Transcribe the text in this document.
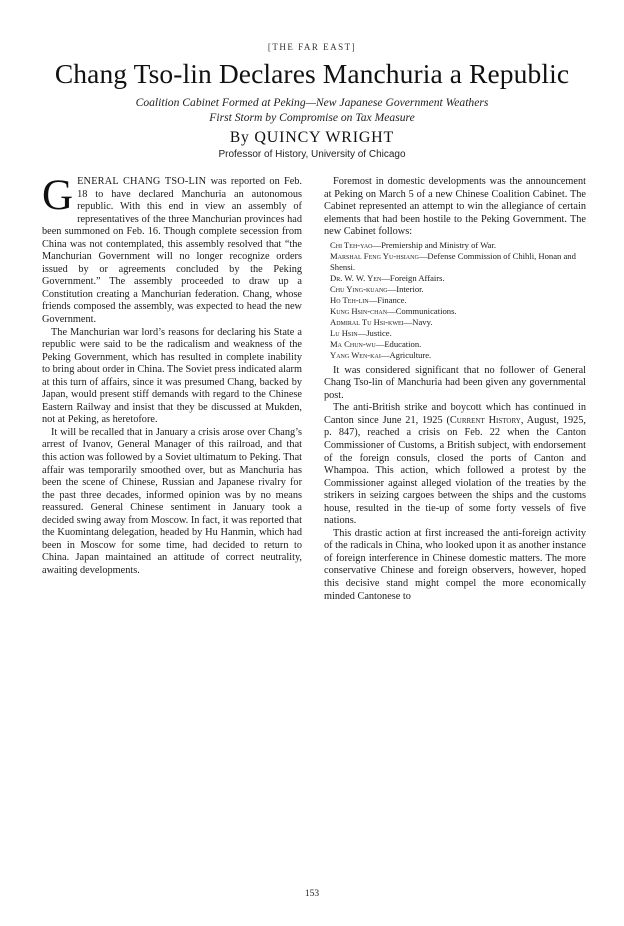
[THE FAR EAST]
Chang Tso-lin Declares Manchuria a Republic
Coalition Cabinet Formed at Peking—New Japanese Government Weathers
First Storm by Compromise on Tax Measure
By QUINCY WRIGHT
Professor of History, University of Chicago

GENERAL CHANG TSO-LIN was reported on Feb. 18 to have declared Manchuria an autonomous republic. With this end in view an assembly of representatives of the three Manchurian provinces had been summoned on Feb. 16. Though complete secession from China was not contemplated, this assembly resolved that “the Manchurian Government will no longer recognize orders issued by or agreements concluded by the Peking Government.” The assembly proceeded to draw up a Constitution creating a Manchurian federation. Chang, whose friends composed the assembly, was expected to head the new Government.

The Manchurian war lord’s reasons for declaring his State a republic were said to be the radicalism and weakness of the Peking Government, which has resulted in complete inability to bring about order in China. The Soviet press indicated alarm at this turn of affairs, since it was presumed Chang, backed by Japan, would present stiff demands with regard to the Chinese Eastern Railway and insist that they be discussed at Mukden, not at Peking, as heretofore.

It will be recalled that in January a crisis arose over Chang’s arrest of Ivanov, General Manager of this railroad, and that this action was followed by a Soviet ultimatum to Peking. That affair was temporarily smoothed over, but as Manchuria has been the scene of Chinese, Russian and Japanese rivalry for the past three decades, informed opinion was by no means reassured. General Chinese sentiment in January took a decided swing away from Moscow. In fact, it was reported that the Kuomintang delegation, headed by Hu Hanmin, which had been in Moscow for some time, had decided to return to China. Japan maintained an attitude of correct neutrality, awaiting developments.

Foremost in domestic developments was the announcement at Peking on March 5 of a new Chinese Coalition Cabinet. The Cabinet represented an attempt to win the allegiance of certain elements that had been hostile to the Peking Government. The new Cabinet follows:

Chi Teh-yao—Premiership and Ministry of War.
Marshal Feng Yu-hsiang—Defense Commission of Chihli, Honan and Shensi.
Dr. W. W. Yen—Foreign Affairs.
Chu Ying-kuang—Interior.
Ho Teh-lin—Finance.
Kung Hsin-chan—Communications.
Admiral Tu Hsi-kwei—Navy.
Lu Hsin—Justice.
Ma Chun-wu—Education.
Yang Wen-kai—Agriculture.

It was considered significant that no follower of General Chang Tso-lin of Manchuria had been given any governmental post.

The anti-British strike and boycott which has continued in Canton since June 21, 1925 (Current History, August, 1925, p. 847), reached a crisis on Feb. 22 when the Canton Commissioner of Customs, a British subject, with endorsement of the foreign consuls, closed the ports of Canton and Whampoa. This action, which followed a protest by the Commissioner against alleged violation of the treaties by the strikers in seizing cargoes between the ships and the customs house, resulted in the tie-up of some forty vessels of five nations.

This drastic action at first increased the anti-foreign activity of the radicals in China, who looked upon it as another instance of foreign interference in Chinese domestic matters. The more conservative Chinese and foreign observers, however, hoped this decisive stand might compel the more economically minded Cantonese to

153
